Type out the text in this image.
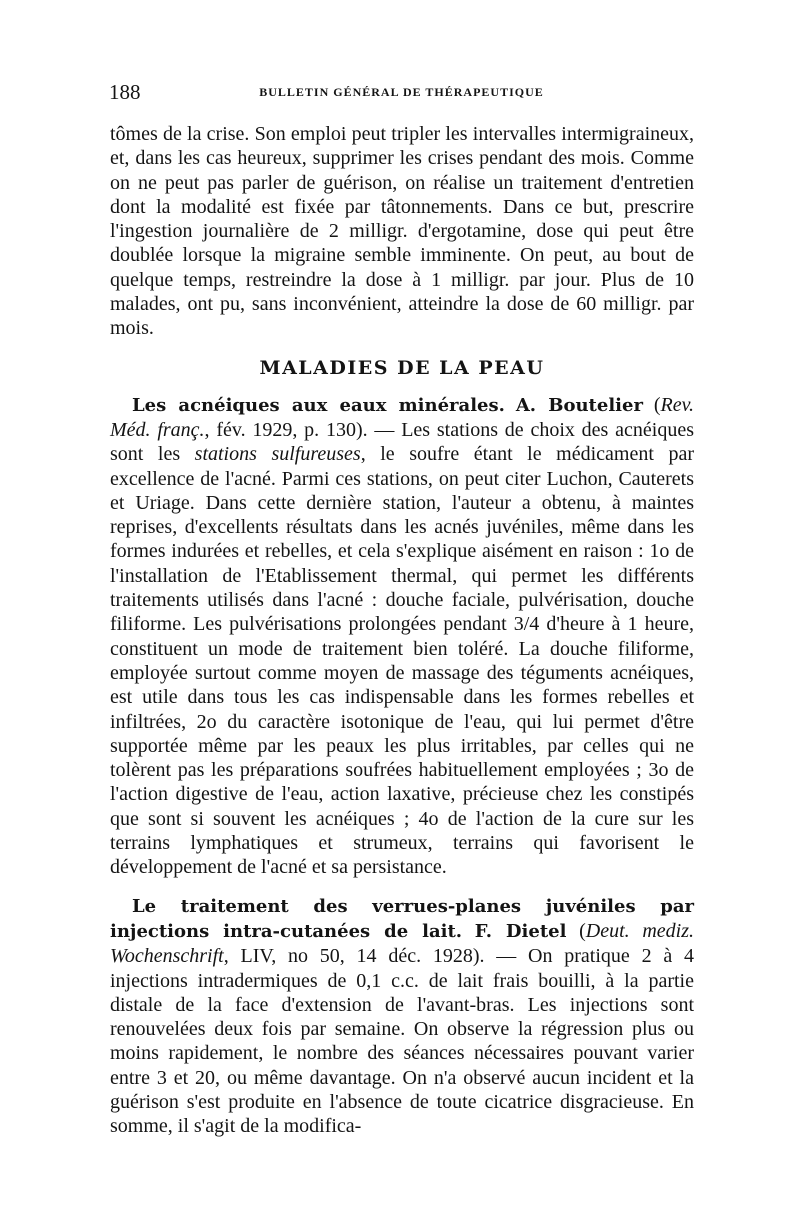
188	BULLETIN GÉNÉRAL DE THÉRAPEUTIQUE

tômes de la crise. Son emploi peut tripler les intervalles intermigraineux, et, dans les cas heureux, supprimer les crises pendant des mois. Comme on ne peut pas parler de guérison, on réalise un traitement d'entretien dont la modalité est fixée par tâtonnements. Dans ce but, prescrire l'ingestion journalière de 2 milligr. d'ergotamine, dose qui peut être doublée lorsque la migraine semble imminente. On peut, au bout de quelque temps, restreindre la dose à 1 milligr. par jour. Plus de 10 malades, ont pu, sans inconvénient, atteindre la dose de 60 milligr. par mois.

MALADIES DE LA PEAU

Les acnéiques aux eaux minérales. A. Boutelier (Rev. Méd. franç., fév. 1929, p. 130). — Les stations de choix des acnéiques sont les stations sulfureuses, le soufre étant le médicament par excellence de l'acné. Parmi ces stations, on peut citer Luchon, Cauterets et Uriage. Dans cette dernière station, l'auteur a obtenu, à maintes reprises, d'excellents résultats dans les acnés juvéniles, même dans les formes indurées et rebelles, et cela s'explique aisément en raison : 1o de l'installation de l'Etablissement thermal, qui permet les différents traitements utilisés dans l'acné : douche faciale, pulvérisation, douche filiforme. Les pulvérisations prolongées pendant 3/4 d'heure à 1 heure, constituent un mode de traitement bien toléré. La douche filiforme, employée surtout comme moyen de massage des téguments acnéiques, est utile dans tous les cas indispensable dans les formes rebelles et infiltrées, 2o du caractère isotonique de l'eau, qui lui permet d'être supportée même par les peaux les plus irritables, par celles qui ne tolèrent pas les préparations soufrées habituellement employées ; 3o de l'action digestive de l'eau, action laxative, précieuse chez les constipés que sont si souvent les acnéiques ; 4o de l'action de la cure sur les terrains lymphatiques et strumeux, terrains qui favorisent le développement de l'acné et sa persistance.

Le traitement des verrues-planes juvéniles par injections intra-cutanées de lait. F. Dietel (Deut. mediz. Wochenschrift, LIV, no 50, 14 déc. 1928). — On pratique 2 à 4 injections intradermiques de 0,1 c.c. de lait frais bouilli, à la partie distale de la face d'extension de l'avant-bras. Les injections sont renouvelées deux fois par semaine. On observe la régression plus ou moins rapidement, le nombre des séances nécessaires pouvant varier entre 3 et 20, ou même davantage. On n'a observé aucun incident et la guérison s'est produite en l'absence de toute cicatrice disgracieuse. En somme, il s'agit de la modifica-
